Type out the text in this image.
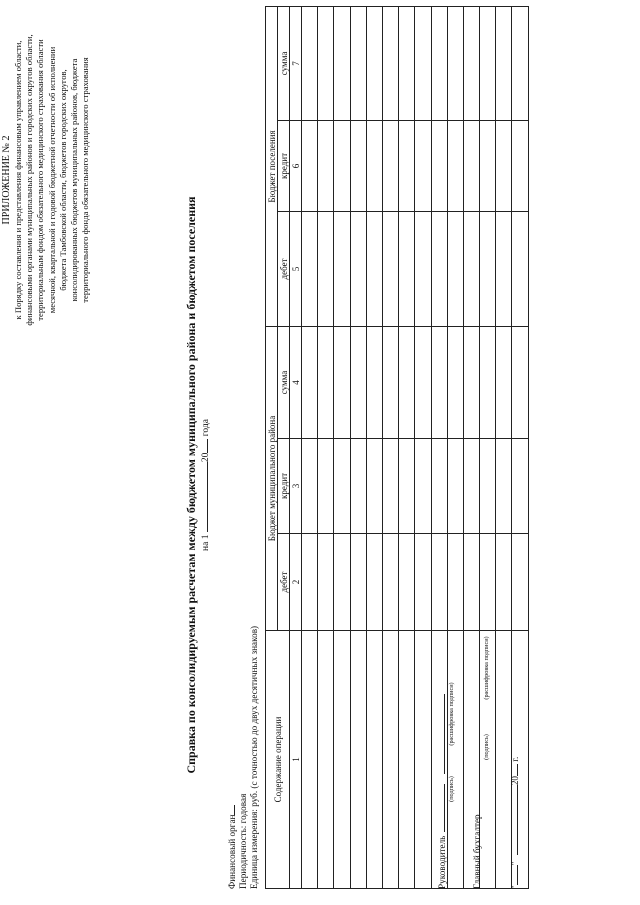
ПРИЛОЖЕНИЕ № 2 к Порядку составления и представления финансовым управлением области, финансовыми органами муниципальных районов и городских округов области, территориальным фондом обязательного медицинского страхования области месячной, квартальной и годовой бюджетной отчетности об исполнении бюджета Тамбовской области, бюджетов городских округов, консолидированных бюджетов муниципальных районов, бюджета территориального фонда обязательного медицинского страхования
Справка по консолидируемым расчетам между бюджетом муниципального района и бюджетом поселения на 1 20 года
Финансовый орган Периодичность: годовая Единица измерения: руб. (с точностью до двух десятичных знаков) Содержание операции	Бюджет муниципального района			Бюджет поселения		
	дебет	кредит	сумма	дебет	кредит	сумма
1	2	3	4	5	6	7

Руководитель
(подпись)
(расшифровка подписи)
Главный бухгалтер
(подпись)
(расшифровка подписи)
"" 20 г.
